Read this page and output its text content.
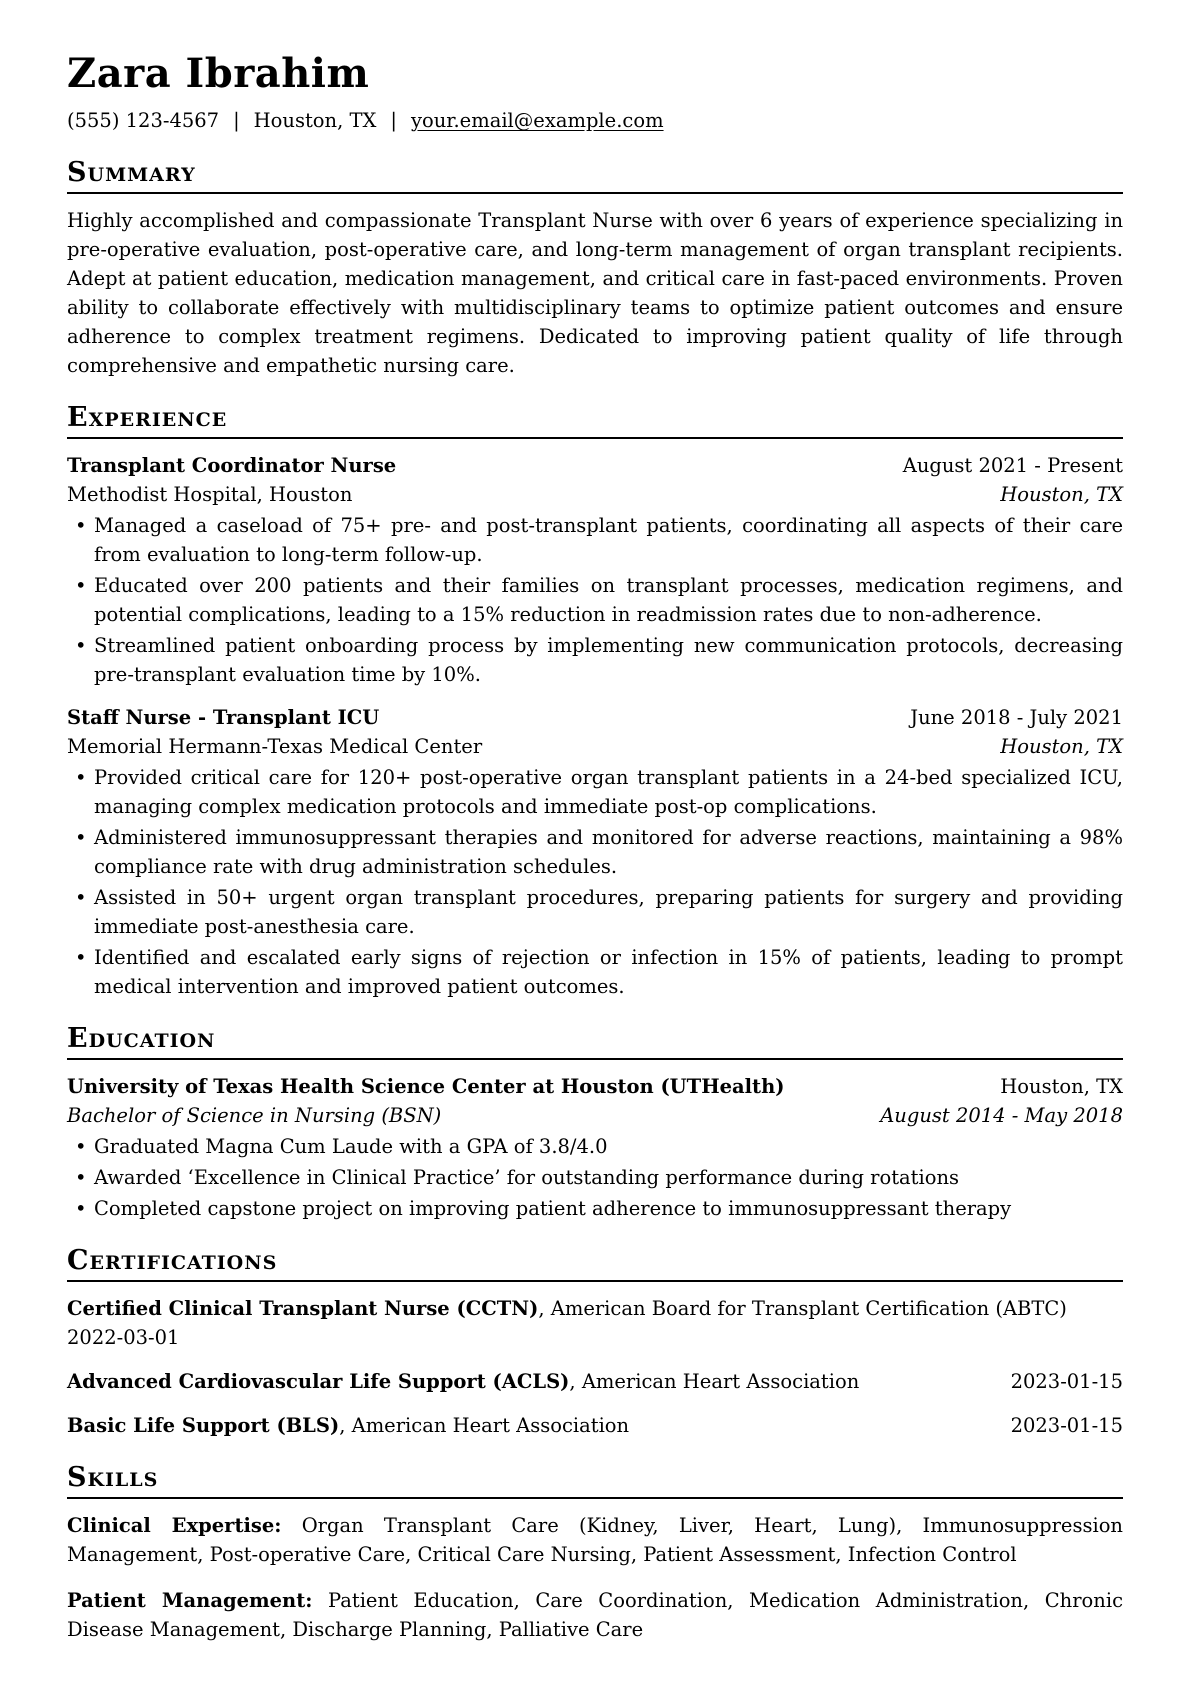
Zara Ibrahim
(555) 123-4567 | Houston, TX | your.email@example.com
Summary

Highly accomplished and compassionate Transplant Nurse with over 6 years of experience specializing in pre-operative evaluation, post-operative care, and long-term management of organ transplant recipients. Adept at patient education, medication management, and critical care in fast-paced environments. Proven ability to collaborate effectively with multidisciplinary teams to optimize patient outcomes and ensure adherence to complex treatment regimens. Dedicated to improving patient quality of life through comprehensive and empathetic nursing care.

Experience
Transplant Coordinator Nurse	August 2021 - Present
Methodist Hospital, Houston	Houston, TX
• Managed a caseload of 75+ pre- and post-transplant patients, coordinating all aspects of their care from evaluation to long-term follow-up.
• Educated over 200 patients and their families on transplant processes, medication regimens, and potential complications, leading to a 15% reduction in readmission rates due to non-adherence.
• Streamlined patient onboarding process by implementing new communication protocols, decreasing pre-transplant evaluation time by 10%.
Staff Nurse - Transplant ICU	June 2018 - July 2021
Memorial Hermann-Texas Medical Center	Houston, TX
• Provided critical care for 120+ post-operative organ transplant patients in a 24-bed specialized ICU, managing complex medication protocols and immediate post-op complications.
• Administered immunosuppressant therapies and monitored for adverse reactions, maintaining a 98% compliance rate with drug administration schedules.
• Assisted in 50+ urgent organ transplant procedures, preparing patients for surgery and providing immediate post-anesthesia care.
• Identified and escalated early signs of rejection or infection in 15% of patients, leading to prompt medical intervention and improved patient outcomes.
Education
University of Texas Health Science Center at Houston (UTHealth)	Houston, TX
Bachelor of Science in Nursing (BSN)	August 2014 - May 2018
• Graduated Magna Cum Laude with a GPA of 3.8/4.0
• Awarded ‘Excellence in Clinical Practice’ for outstanding performance during rotations
• Completed capstone project on improving patient adherence to immunosuppressant therapy
Certifications
Certified Clinical Transplant Nurse (CCTN), American Board for Transplant Certification (ABTC)
2022-03-01
Advanced Cardiovascular Life Support (ACLS), American Heart Association	2023-01-15
Basic Life Support (BLS), American Heart Association	2023-01-15
Skills

Clinical Expertise: Organ Transplant Care (Kidney, Liver, Heart, Lung), Immunosuppression Management, Post-operative Care, Critical Care Nursing, Patient Assessment, Infection Control

Patient Management: Patient Education, Care Coordination, Medication Administration, Chronic Disease Management, Discharge Planning, Palliative Care
